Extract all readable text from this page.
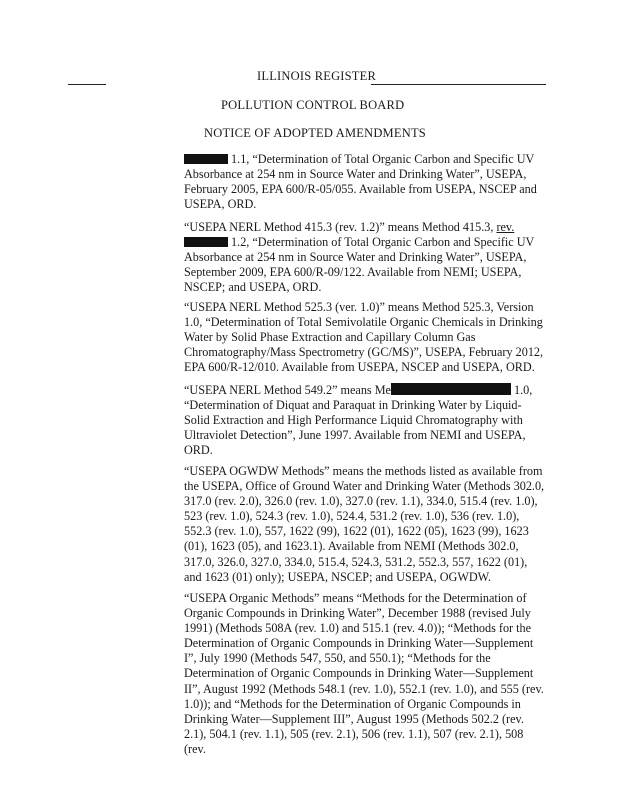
ILLINOIS REGISTER
POLLUTION CONTROL BOARD
NOTICE OF ADOPTED AMENDMENTS

1.1, “Determination of Total Organic Carbon and Specific UV Absorbance at 254 nm in Source Water and Drinking Water”, USEPA, February 2005, EPA 600/R-05/055. Available from USEPA, NSCEP and USEPA, ORD.

“USEPA NERL Method 415.3 (rev. 1.2)” means Method 415.3, rev.
1.2, “Determination of Total Organic Carbon and Specific UV Absorbance at 254 nm in Source Water and Drinking Water”, USEPA, September 2009, EPA 600/R-09/122. Available from NEMI; USEPA, NSCEP; and USEPA, ORD.

“USEPA NERL Method 525.3 (ver. 1.0)” means Method 525.3, Version 1.0, “Determination of Total Semivolatile Organic Chemicals in Drinking Water by Solid Phase Extraction and Capillary Column Gas Chromatography/Mass Spectrometry (GC/MS)”, USEPA, February 2012, EPA 600/R-12/010. Available from USEPA, NSCEP and USEPA, ORD.

“USEPA NERL Method 549.2” means Me	1.0,
“Determination of Diquat and Paraquat in Drinking Water by Liquid-Solid Extraction and High Performance Liquid Chromatography with Ultraviolet Detection”, June 1997. Available from NEMI and USEPA, ORD.

“USEPA OGWDW Methods” means the methods listed as available from the USEPA, Office of Ground Water and Drinking Water (Methods 302.0, 317.0 (rev. 2.0), 326.0 (rev. 1.0), 327.0 (rev. 1.1), 334.0, 515.4 (rev. 1.0), 523 (rev. 1.0), 524.3 (rev. 1.0), 524.4, 531.2 (rev. 1.0), 536 (rev. 1.0), 552.3 (rev. 1.0), 557, 1622 (99), 1622 (01), 1622 (05), 1623 (99), 1623 (01), 1623 (05), and 1623.1). Available from NEMI (Methods 302.0, 317.0, 326.0, 327.0, 334.0, 515.4, 524.3, 531.2, 552.3, 557, 1622 (01), and 1623 (01) only); USEPA, NSCEP; and USEPA, OGWDW.

“USEPA Organic Methods” means “Methods for the Determination of Organic Compounds in Drinking Water”, December 1988 (revised July 1991) (Methods 508A (rev. 1.0) and 515.1 (rev. 4.0)); “Methods for the Determination of Organic Compounds in Drinking Water—Supplement I”, July 1990 (Methods 547, 550, and 550.1); “Methods for the Determination of Organic Compounds in Drinking Water—Supplement II”, August 1992 (Methods 548.1 (rev. 1.0), 552.1 (rev. 1.0), and 555 (rev. 1.0)); and “Methods for the Determination of Organic Compounds in Drinking Water—Supplement III”, August 1995 (Methods 502.2 (rev. 2.1), 504.1 (rev. 1.1), 505 (rev. 2.1), 506 (rev. 1.1), 507 (rev. 2.1), 508 (rev.
